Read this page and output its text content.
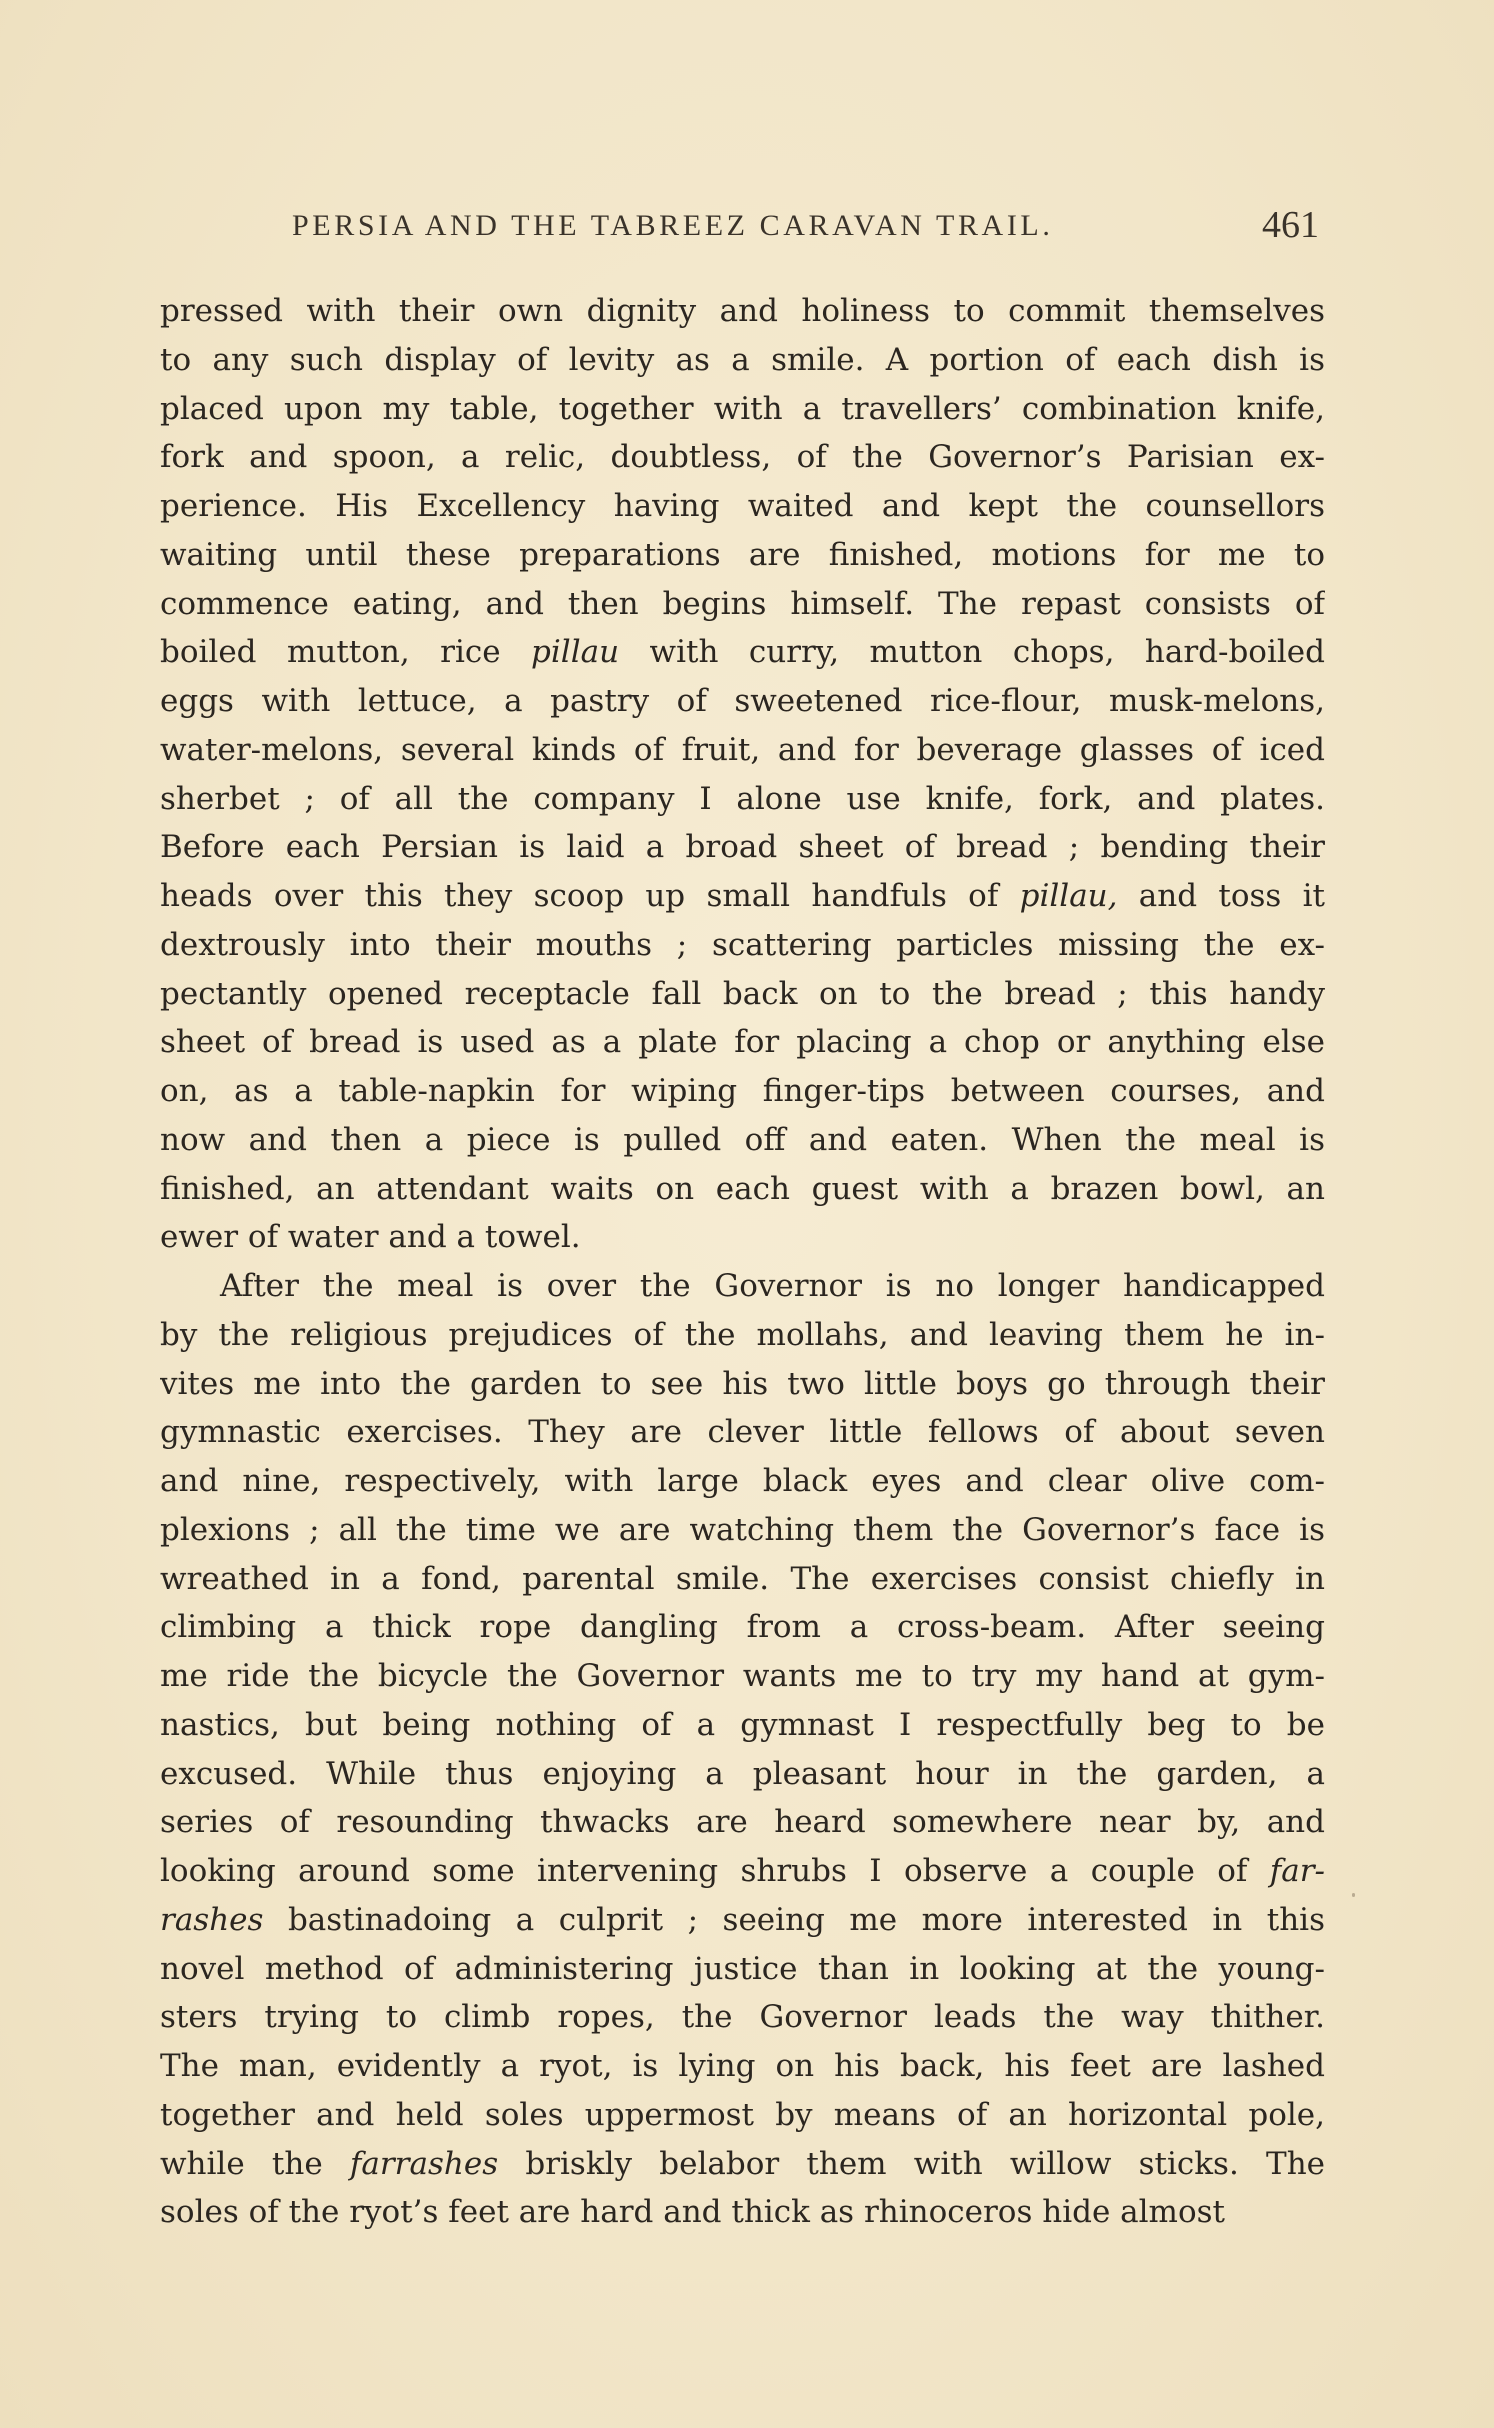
PERSIA AND THE TABREEZ CARAVAN TRAIL.	461
pressed with their own dignity and holiness to commit themselves
to any such display of levity as a smile. A portion of each dish is
placed upon my table, together with a travellers’ combination knife,
fork and spoon, a relic, doubtless, of the Governor’s Parisian ex-
perience. His Excellency having waited and kept the counsellors
waiting until these preparations are finished, motions for me to
commence eating, and then begins himself. The repast consists of
boiled mutton, rice pillau with curry, mutton chops, hard-boiled
eggs with lettuce, a pastry of sweetened rice-flour, musk-melons,
water-melons, several kinds of fruit, and for beverage glasses of iced
sherbet ; of all the company I alone use knife, fork, and plates.
Before each Persian is laid a broad sheet of bread ; bending their
heads over this they scoop up small handfuls of pillau, and toss it
dextrously into their mouths ; scattering particles missing the ex-
pectantly opened receptacle fall back on to the bread ; this handy
sheet of bread is used as a plate for placing a chop or anything else
on, as a table-napkin for wiping finger-tips between courses, and
now and then a piece is pulled off and eaten. When the meal is
finished, an attendant waits on each guest with a brazen bowl, an
ewer of water and a towel.
After the meal is over the Governor is no longer handicapped
by the religious prejudices of the mollahs, and leaving them he in-
vites me into the garden to see his two little boys go through their
gymnastic exercises. They are clever little fellows of about seven
and nine, respectively, with large black eyes and clear olive com-
plexions ; all the time we are watching them the Governor’s face is
wreathed in a fond, parental smile. The exercises consist chiefly in
climbing a thick rope dangling from a cross-beam. After seeing
me ride the bicycle the Governor wants me to try my hand at gym-
nastics, but being nothing of a gymnast I respectfully beg to be
excused. While thus enjoying a pleasant hour in the garden, a
series of resounding thwacks are heard somewhere near by, and
looking around some intervening shrubs I observe a couple of far-
rashes bastinadoing a culprit ; seeing me more interested in this
novel method of administering justice than in looking at the young-
sters trying to climb ropes, the Governor leads the way thither.
The man, evidently a ryot, is lying on his back, his feet are lashed
together and held soles uppermost by means of an horizontal pole,
while the farrashes briskly belabor them with willow sticks. The
soles of the ryot’s feet are hard and thick as rhinoceros hide almost
